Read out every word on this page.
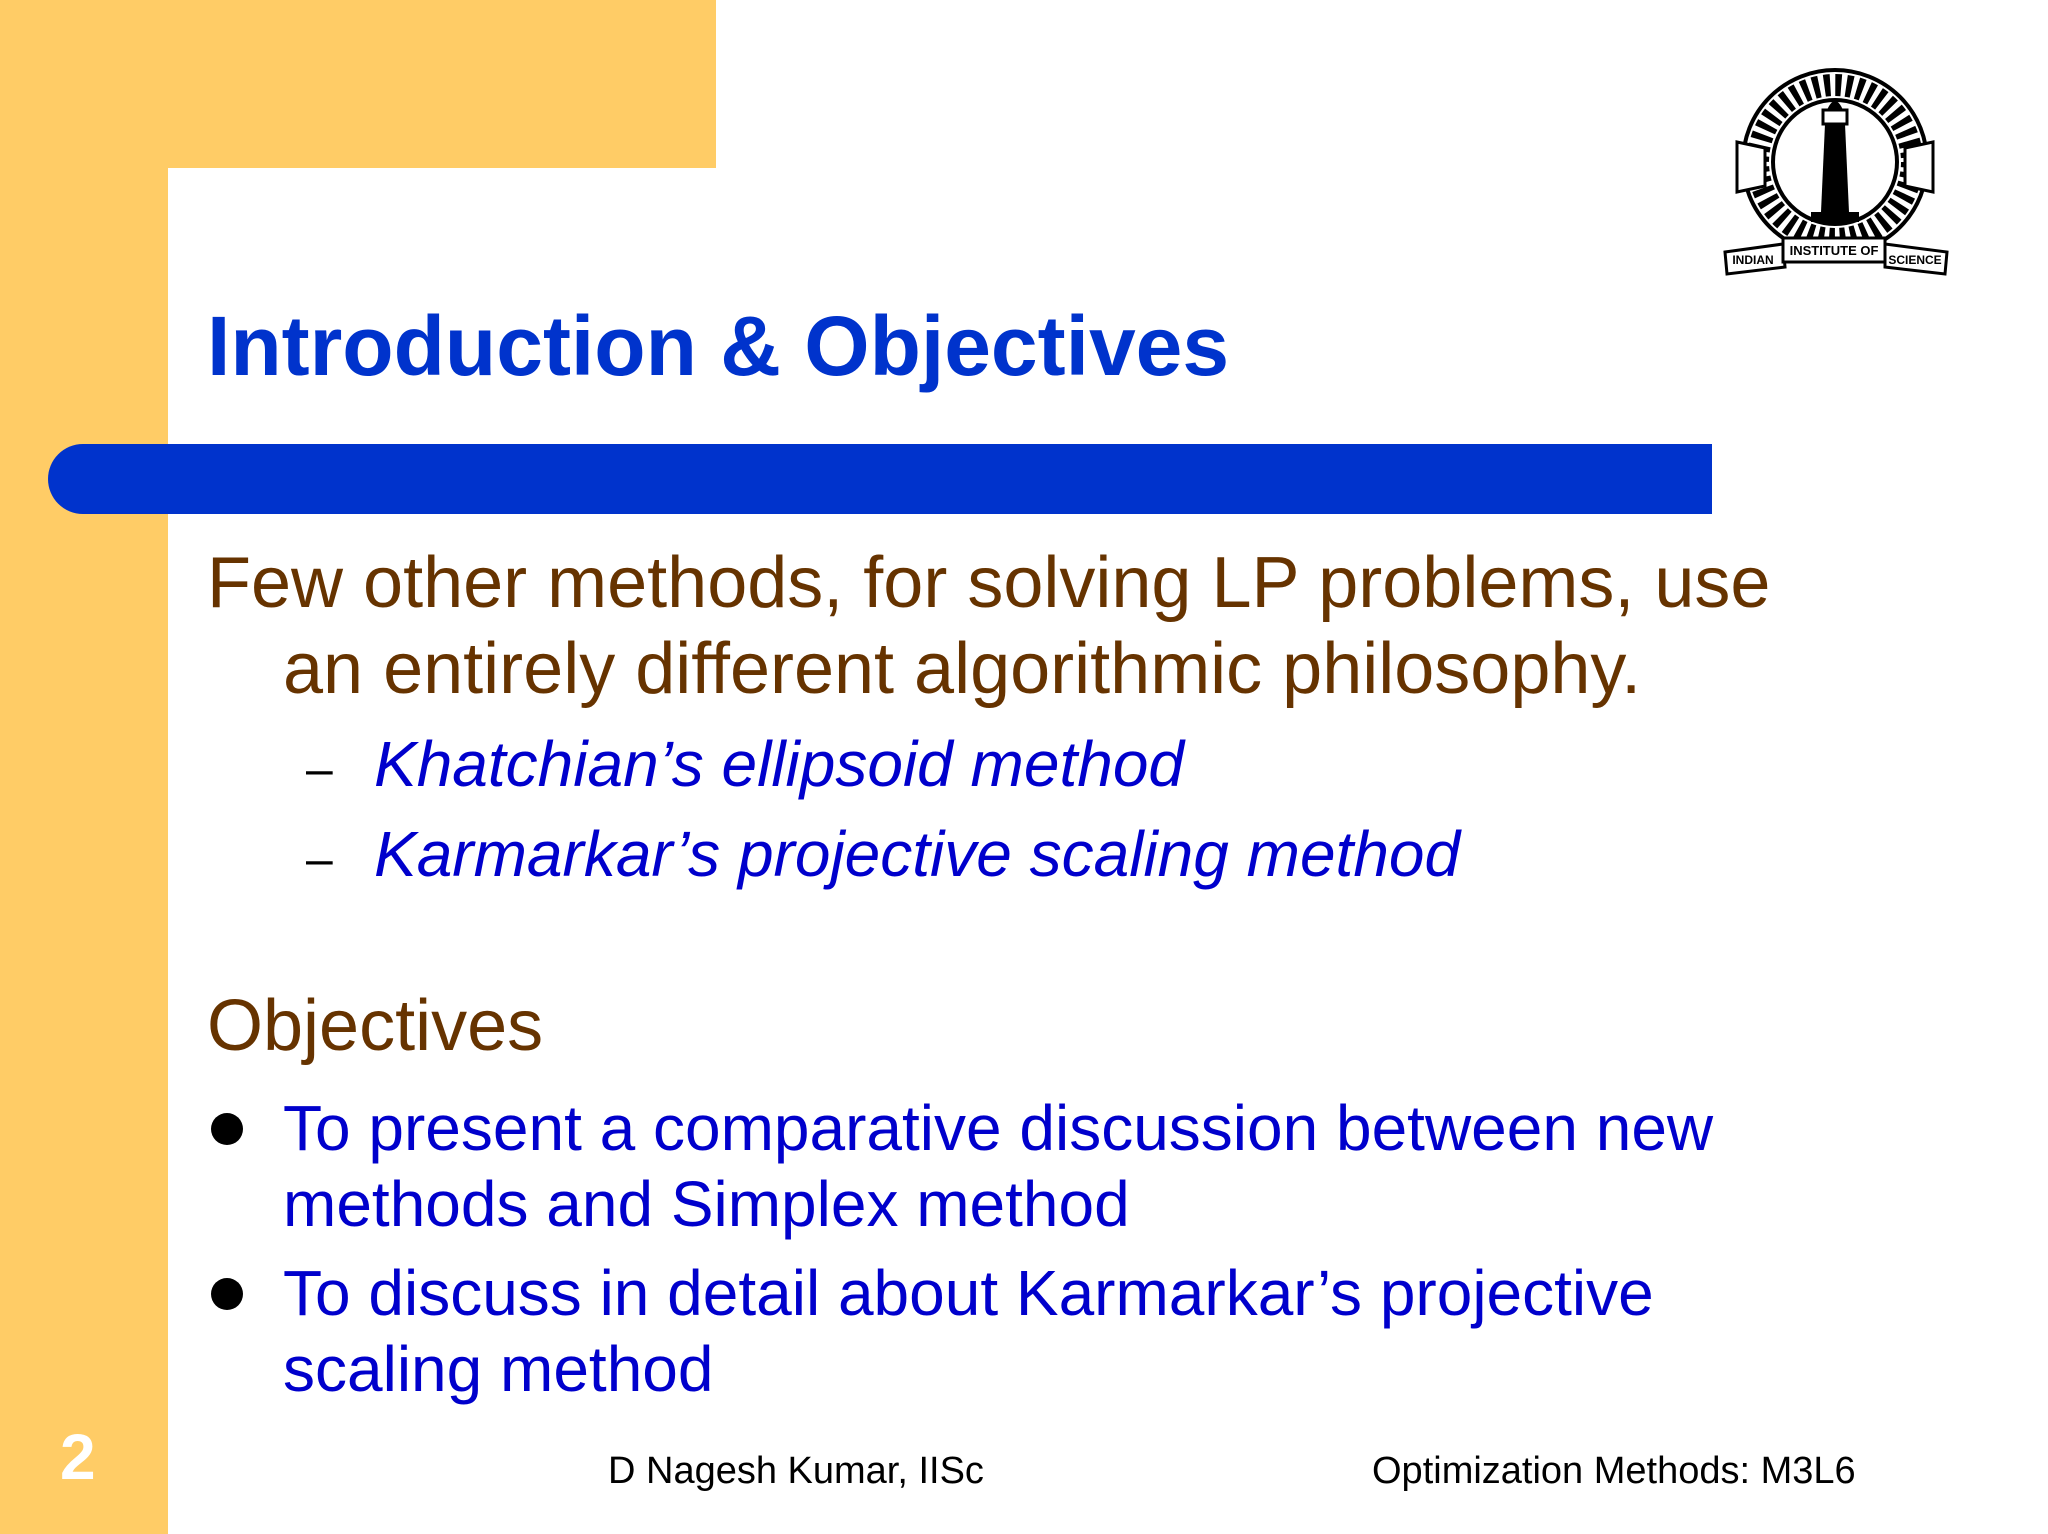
INDIAN
INSTITUTE OF
SCIENCE
Introduction & Objectives
Few other methods, for solving LP problems, use
an entirely different algorithmic philosophy.
– Khatchian’s ellipsoid method
– Karmarkar’s projective scaling method
Objectives
To present a comparative discussion between new
methods and Simplex method
To discuss in detail about Karmarkar’s projective
scaling method
2	D Nagesh Kumar, IISc	Optimization Methods: M3L6
